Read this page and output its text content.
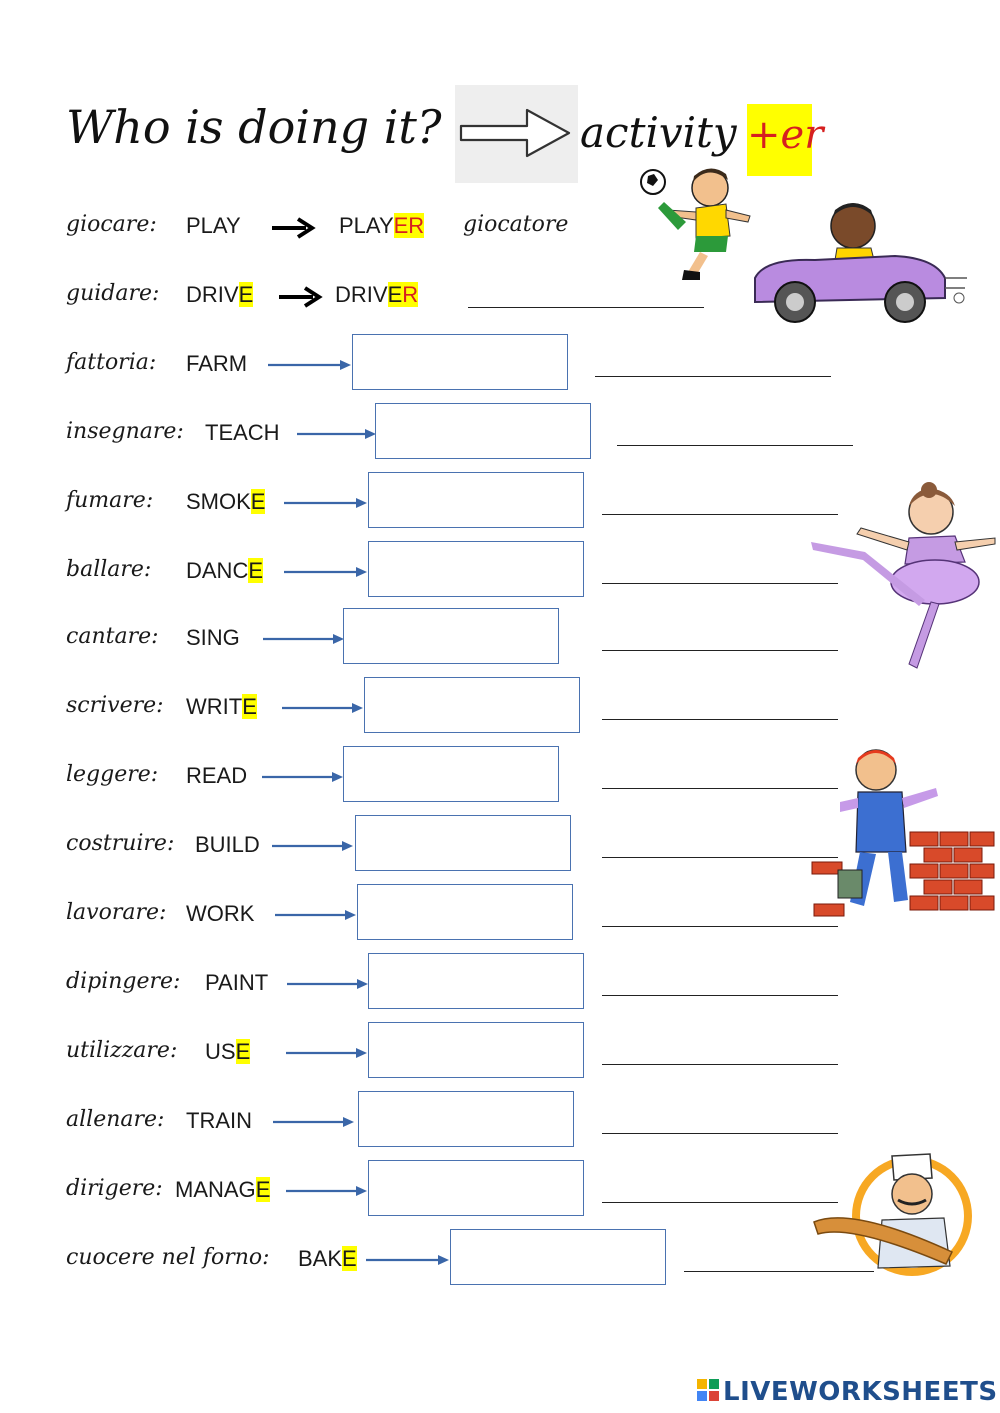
Who is doing it?	activity +er
giocare: PLAY	PLAYER giocatore
guidare: DRIVE	DRIVER
fattoria: FARM
insegnare: TEACH
fumare: SMOKE
ballare: DANCE
cantare: SING
scrivere: WRITE
leggere: READ
costruire: BUILD
lavorare: WORK
dipingere: PAINT
utilizzare: USE
allenare: TRAIN
dirigere: MANAGE
cuocere nel forno: BAKE
LIVEWORKSHEETS
